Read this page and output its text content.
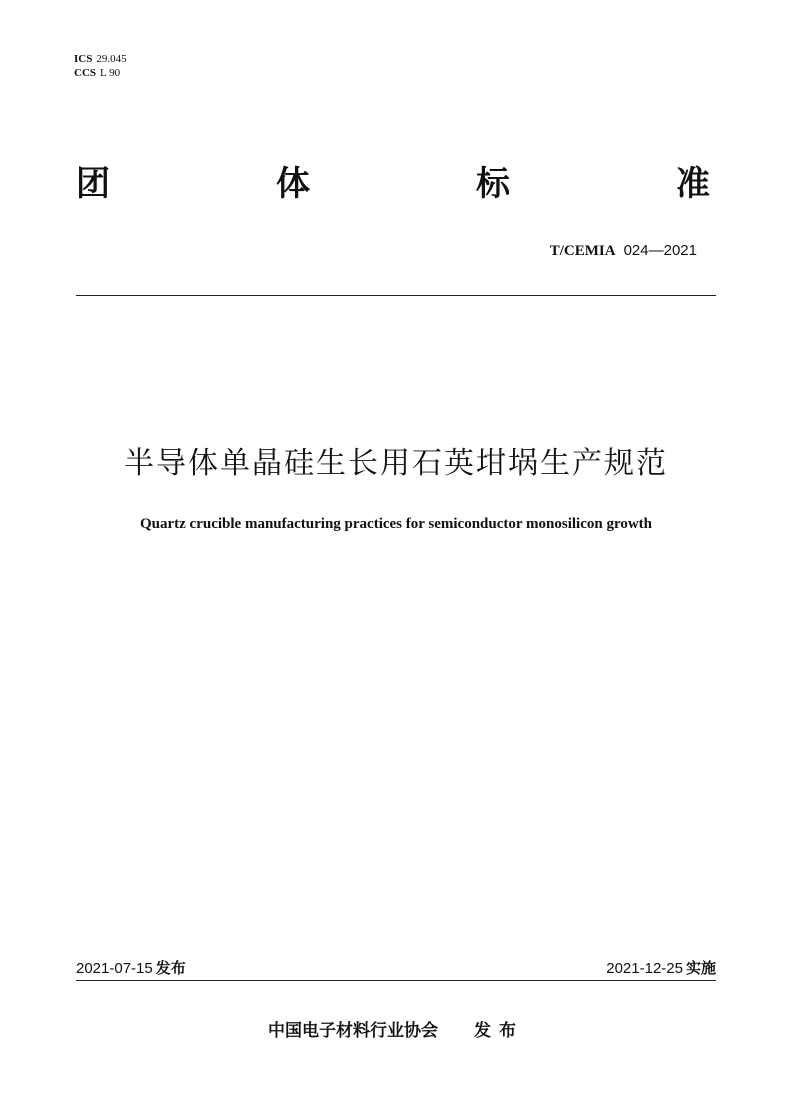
ICS 29.045
CCS L 90
团	体	标	准
T/CEMIA 024—2021
半导体单晶硅生长用石英坩埚生产规范
Quartz crucible manufacturing practices for semiconductor monosilicon growth
2021-07-15 发布	2021-12-25 实施
中国电子材料行业协会 发布
